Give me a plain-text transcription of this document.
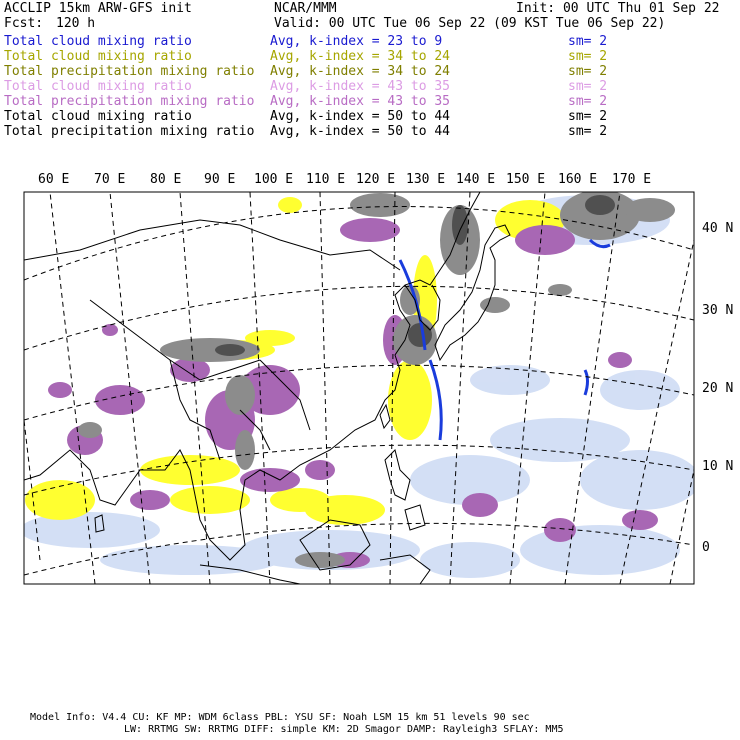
ACCLIP 15km ARW-GFS init	NCAR/MMM	Init: 00 UTC Thu 01 Sep 22
Fcst: 120 h	Valid: 00 UTC Tue 06 Sep 22 (09 KST Tue 06 Sep 22)
Total cloud mixing ratio	Avg, k-index = 23 to 9	sm= 2
Total cloud mixing ratio	Avg, k-index = 34 to 24	sm= 2
Total precipitation mixing ratio Avg, k-index = 34 to 24	sm= 2
Total cloud mixing ratio	Avg, k-index = 43 to 35	sm= 2
Total precipitation mixing ratio Avg, k-index = 43 to 35	sm= 2
Total cloud mixing ratio	Avg, k-index = 50 to 44	sm= 2
Total precipitation mixing ratio Avg, k-index = 50 to 44	sm= 2
60 E 70 E 80 E 90 E 100 E 110 E 120 E 130 E 140 E 150 E 160 E 170 E
40 N
30 N
20 N
10 N
0
Model Info: V4.4 CU: KF MP: WDM 6class PBL: YSU SF: Noah LSM 15 km 51 levels 90 sec
LW: RRTMG SW: RRTMG DIFF: simple KM: 2D Smagor DAMP: Rayleigh3 SFLAY: MM5
